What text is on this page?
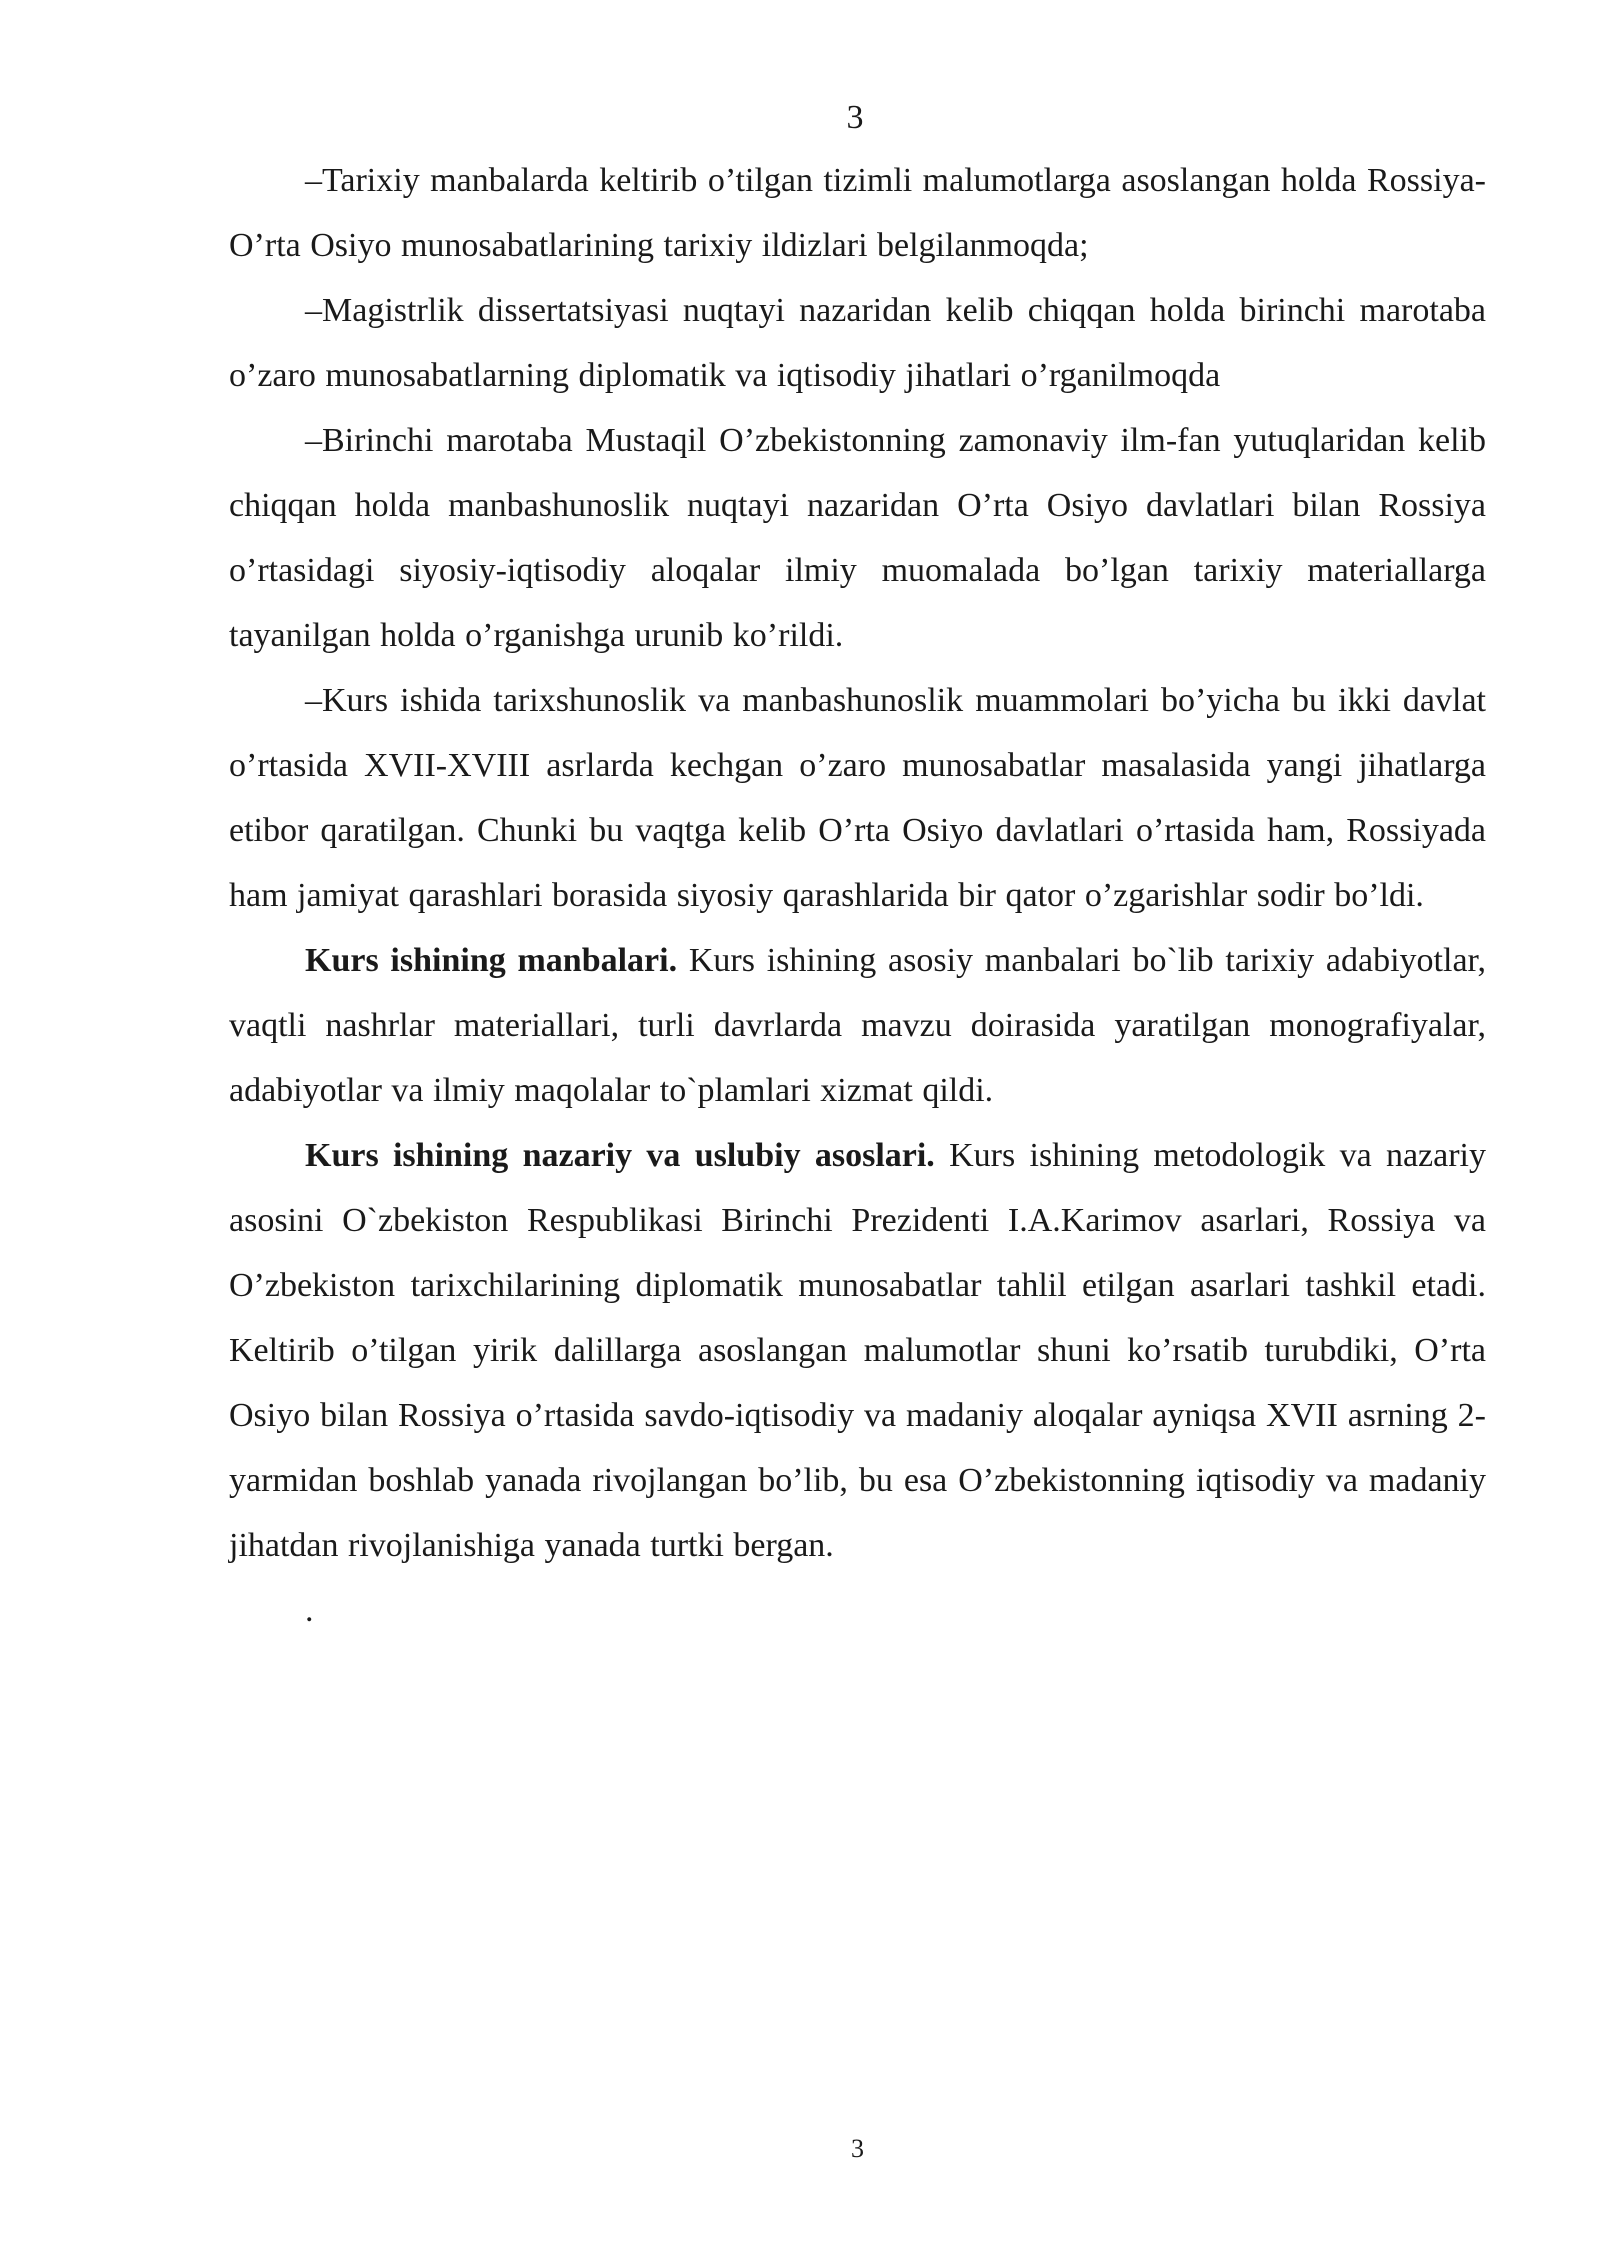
3

–Tarixiy manbalarda keltirib o’tilgan tizimli malumotlarga asoslangan holda Rossiya-O’rta Osiyo munosabatlarining tarixiy ildizlari belgilanmoqda;

–Magistrlik dissertatsiyasi nuqtayi nazaridan kelib chiqqan holda birinchi marotaba o’zaro munosabatlarning diplomatik va iqtisodiy jihatlari o’rganilmoqda

–Birinchi marotaba Mustaqil O’zbekistonning zamonaviy ilm-fan yutuqlaridan kelib chiqqan holda manbashunoslik nuqtayi nazaridan O’rta Osiyo davlatlari bilan Rossiya o’rtasidagi siyosiy-iqtisodiy aloqalar ilmiy muomalada bo’lgan tarixiy materiallarga tayanilgan holda o’rganishga urunib ko’rildi.

–Kurs ishida tarixshunoslik va manbashunoslik muammolari bo’yicha bu ikki davlat o’rtasida XVII-XVIII asrlarda kechgan o’zaro munosabatlar masalasida yangi jihatlarga etibor qaratilgan. Chunki bu vaqtga kelib O’rta Osiyo davlatlari o’rtasida ham, Rossiyada ham jamiyat qarashlari borasida siyosiy qarashlarida bir qator o’zgarishlar sodir bo’ldi.

Kurs ishining manbalari. Kurs ishining asosiy manbalari bo`lib tarixiy adabiyotlar, vaqtli nashrlar materiallari, turli davrlarda mavzu doirasida yaratilgan monografiyalar, adabiyotlar va ilmiy maqolalar to`plamlari xizmat qildi.

Kurs ishining nazariy va uslubiy asoslari. Kurs ishining metodologik va nazariy asosini O`zbekiston Respublikasi Birinchi Prezidenti I.A.Karimov asarlari, Rossiya va O’zbekiston tarixchilarining diplomatik munosabatlar tahlil etilgan asarlari tashkil etadi. Keltirib o’tilgan yirik dalillarga asoslangan malumotlar shuni ko’rsatib turubdiki, O’rta Osiyo bilan Rossiya o’rtasida savdo-iqtisodiy va madaniy aloqalar ayniqsa XVII asrning 2-yarmidan boshlab yanada rivojlangan bo’lib, bu esa O’zbekistonning iqtisodiy va madaniy jihatdan rivojlanishiga yanada turtki bergan.

.

3
